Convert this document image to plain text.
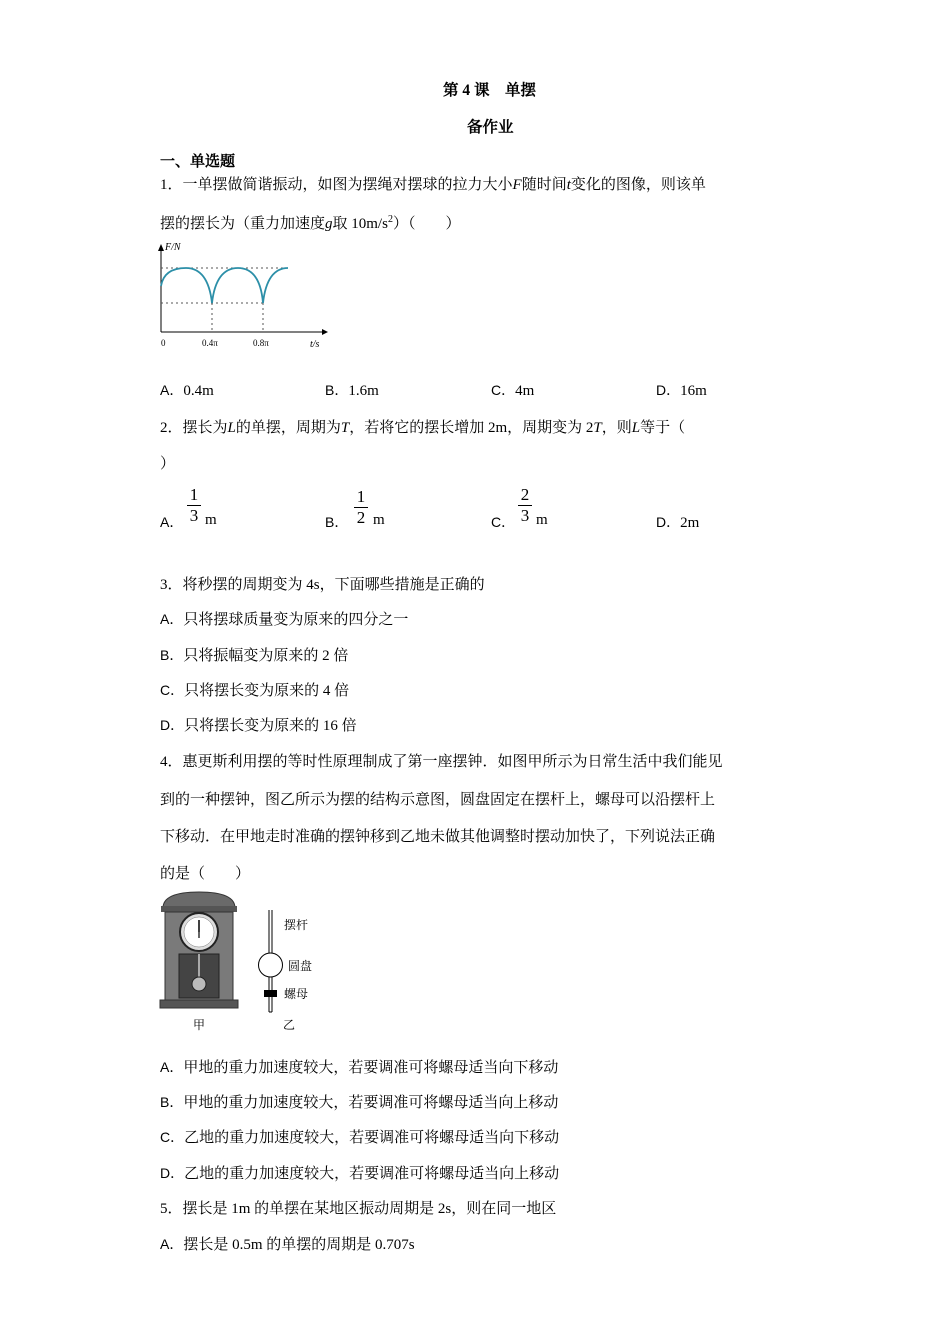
第 4 课　单摆
备作业
一、单选题
1．一单摆做简谐振动，如图为摆绳对摆球的拉力大小F随时间t变化的图像，则该单
摆的摆长为（重力加速度g取 $10m/s^2$）（　　）
F/N
t/s
0	0.4π	0.8π
A．0.4m	B．1.6m	C．4m	D．16m
2．摆长为L的单摆，周期为T，若将它的摆长增加 2m，周期变为 2T，则L等于（
）
A．
1
3 m	B．
1
2 m	C．
2
3 m	D．2m
3．将秒摆的周期变为 4s，下面哪些措施是正确的
A．只将摆球质量变为原来的四分之一
B．只将振幅变为原来的 2 倍
C．只将摆长变为原来的 4 倍
D．只将摆长变为原来的 16 倍
4．惠更斯利用摆的等时性原理制成了第一座摆钟．如图甲所示为日常生活中我们能见
到的一种摆钟，图乙所示为摆的结构示意图，圆盘固定在摆杆上，螺母可以沿摆杆上
下移动．在甲地走时准确的摆钟移到乙地未做其他调整时摆动加快了，下列说法正确
的是（　　）
摆杆
圆盘
螺母
甲	乙
A．甲地的重力加速度较大，若要调准可将螺母适当向下移动
B．甲地的重力加速度较大，若要调准可将螺母适当向上移动
C．乙地的重力加速度较大，若要调准可将螺母适当向下移动
D．乙地的重力加速度较大，若要调准可将螺母适当向上移动
5．摆长是 1m 的单摆在某地区振动周期是 2s，则在同一地区
A．摆长是 0.5m 的单摆的周期是 0.707s
